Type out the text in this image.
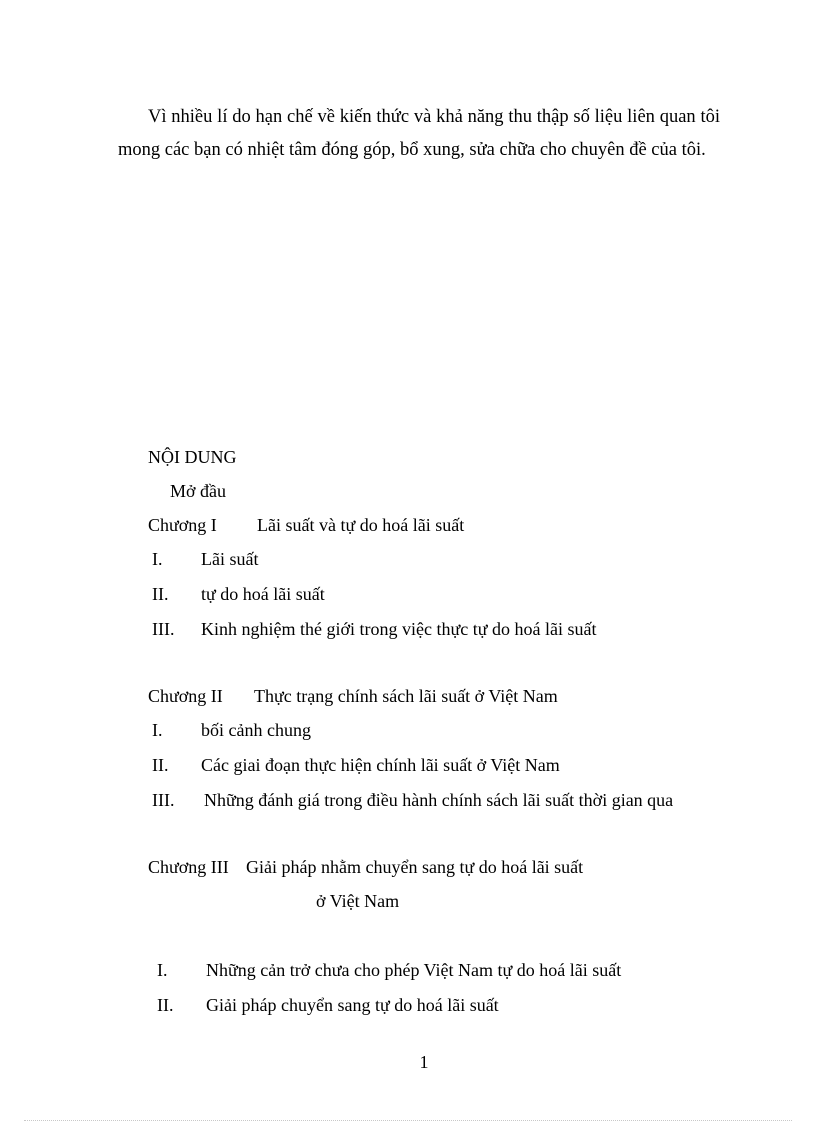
Vì nhiều lí do hạn chế về kiến thức và khả năng thu thập số liệu liên quan tôi mong các bạn có nhiệt tâm đóng góp, bổ xung, sửa chữa cho chuyên đề của tôi.

NỘI DUNG
Mở đầu
Chương I Lãi suất và tự do hoá lãi suất
I. Lãi suất
II. tự do hoá lãi suất
III. Kinh nghiệm thé giới trong việc thực tự do hoá lãi suất
Chương II Thực trạng chính sách lãi suất ở Việt Nam
I. bối cảnh chung
II. Các giai đoạn thực hiện chính lãi suất ở Việt Nam
III. Những đánh giá trong điều hành chính sách lãi suất thời gian qua
Chương III Giải pháp nhằm chuyển sang tự do hoá lãi suất
ở Việt Nam
I. Những cản trở chưa cho phép Việt Nam tự do hoá lãi suất
II. Giải pháp chuyển sang tự do hoá lãi suất
1
